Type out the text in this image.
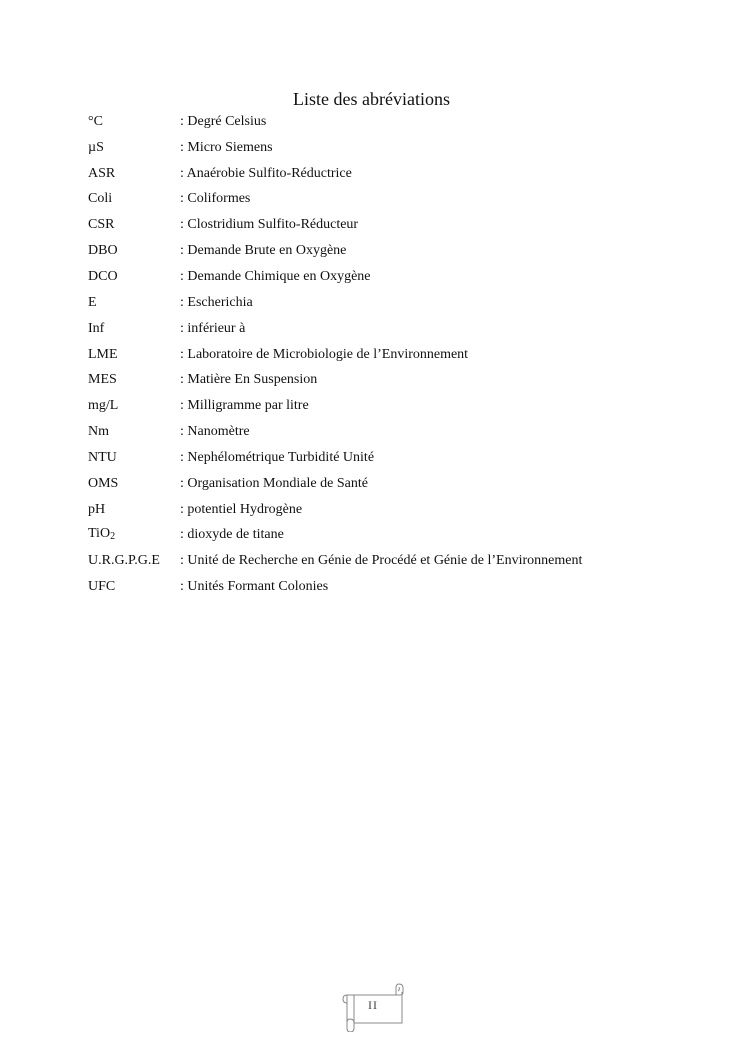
Liste des abréviations
°C	: Degré Celsius
µS	: Micro Siemens
ASR	: Anaérobie Sulfito-Réductrice
Coli	: Coliformes
CSR	: Clostridium Sulfito-Réducteur
DBO	: Demande Brute en Oxygène
DCO	: Demande Chimique en Oxygène
E	: Escherichia
Inf	: inférieur à
LME	: Laboratoire de Microbiologie de l’Environnement
MES	: Matière En Suspension
mg/L	: Milligramme par litre
Nm	: Nanomètre
NTU	: Nephélométrique Turbidité Unité
OMS	: Organisation Mondiale de Santé
pH	: potentiel Hydrogène
TiO$_2$	: dioxyde de titane
U.R.G.P.G.E	: Unité de Recherche en Génie de Procédé et Génie de l’Environnement
UFC	: Unités Formant Colonies
II
